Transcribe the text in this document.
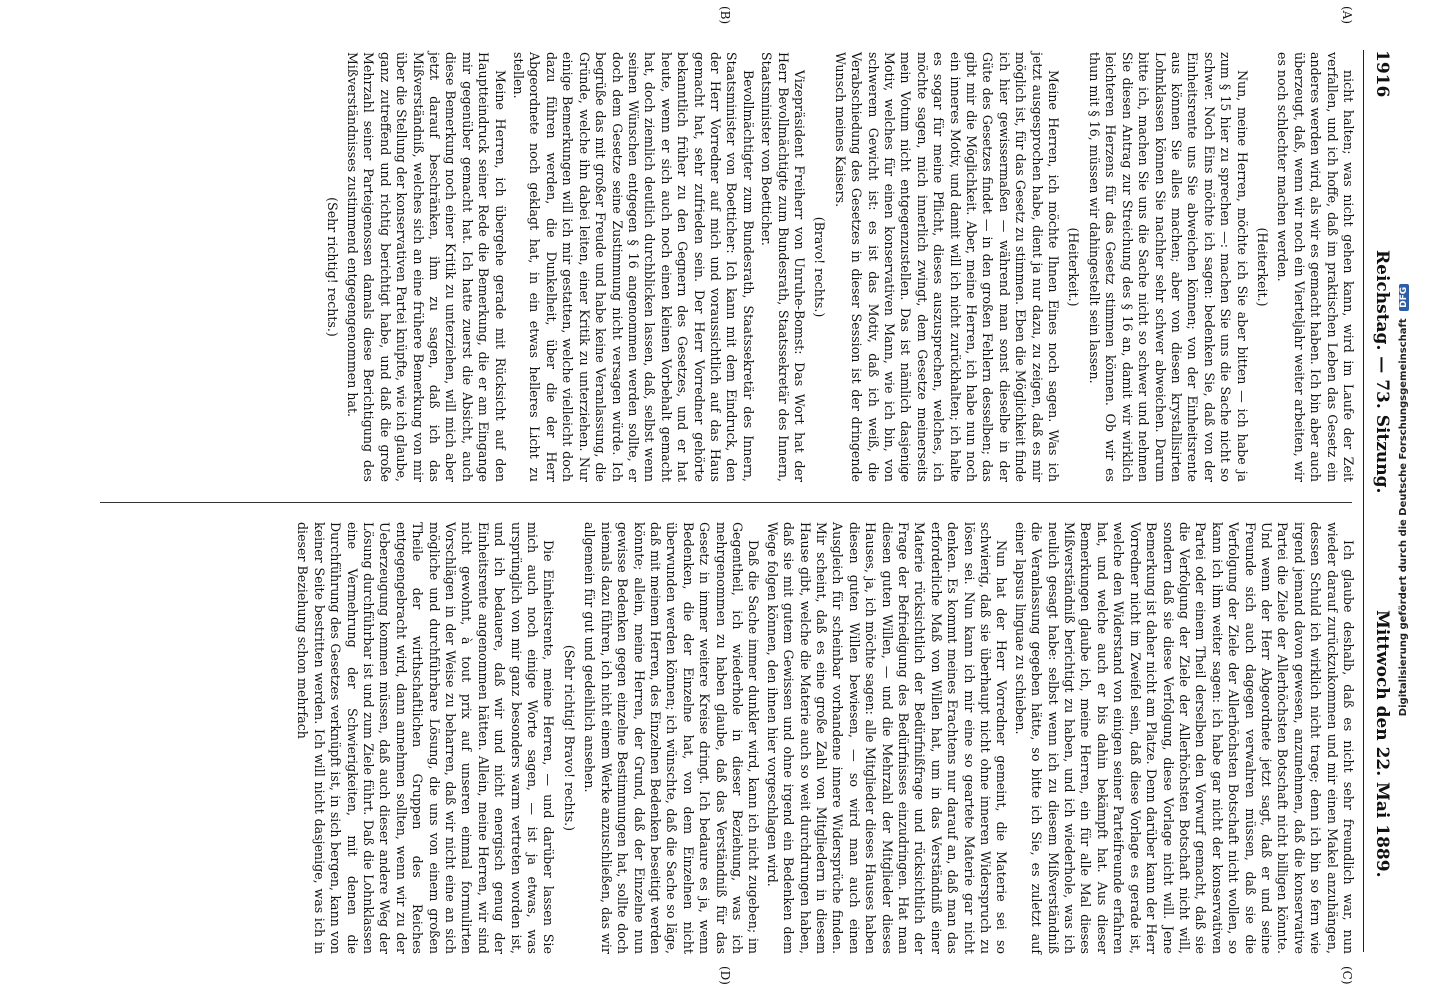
1916
Reichstag. — 73. Sitzung.
Mittwoch den 22. Mai 1889.
(A)
(B)
(C)
(D)

nicht halten; was nicht gehen kann, wird im Laufe der Zeit verfallen, und ich hoffe, daß im praktischen Leben das Gesetz ein anderes werden wird, als wir es gemacht haben. Ich bin aber auch überzeugt, daß, wenn wir noch ein Vierteljahr weiter arbeiten, wir es noch schlechter machen werden.

(Heiterkeit.)

Nun, meine Herren, möchte ich Sie aber bitten — ich habe ja zum § 15 hier zu sprechen —: machen Sie uns die Sache nicht so schwer. Noch Eins möchte ich sagen: bedenken Sie, daß von der Einheitsrente uns Sie abweichen können; von der Einheitsrente aus können Sie alles machen; aber von diesen krystallisirten Lohnklassen können Sie nachher sehr schwer abweichen. Darum bitte ich, machen Sie uns die Sache nicht so schwer und nehmen Sie diesen Antrag zur Streichung des § 16 an, damit wir wirklich leichteren Herzens für das Gesetz stimmen können. Ob wir es thun mit § 16, müssen wir dahingestellt sein lassen.

(Heiterkeit.)

Meine Herren, ich möchte Ihnen Eines noch sagen. Was ich jetzt ausgesprochen habe, dient ja nur dazu, zu zeigen, daß es mir möglich ist, für das Gesetz zu stimmen. Eben die Möglichkeit finde ich hier gewissermaßen — während man sonst dieselbe in der Güte des Gesetzes findet — in den großen Fehlern desselben; das gibt mir die Möglichkeit. Aber, meine Herren, ich habe nun noch ein inneres Motiv, und damit will ich nicht zurückhalten; ich halte es sogar für meine Pflicht, dieses auszusprechen, welches, ich möchte sagen, mich innerlich zwingt, dem Gesetze meinerseits mein Votum nicht entgegenzustellen. Das ist nämlich dasjenige Motiv, welches für einen konservativen Mann, wie ich bin, von schwerem Gewicht ist: es ist das Motiv, daß ich weiß, die Verabschiedung des Gesetzes in dieser Session ist der dringende Wunsch meines Kaisers.

(Bravo! rechts.)

Vizepräsident Freiherr von Unruhe-Bomst: Das Wort hat der Herr Bevollmächtigte zum Bundesrath, Staatssekretär des Innern, Staatsminister von Boetticher.

Bevollmächtigter zum Bundesrath, Staatssekretär des Innern, Staatsminister von Boetticher: Ich kann mit dem Eindruck, den der Herr Vorredner auf mich und voraussichtlich auf das Haus gemacht hat, sehr zufrieden sein. Der Herr Vorredner gehörte bekanntlich früher zu den Gegnern des Gesetzes, und er hat heute, wenn er sich auch noch einen kleinen Vorbehalt gemacht hat, doch ziemlich deutlich durchblicken lassen, daß, selbst wenn seinen Wünschen entgegen § 16 angenommen werden sollte, er doch dem Gesetze seine Zustimmung nicht versagen würde. Ich begrüße das mit großer Freude und habe keine Veranlassung, die Gründe, welche ihn dabei leiten, einer Kritik zu unterziehen. Nur einige Bemerkungen will ich mir gestatten, welche vielleicht doch dazu führen werden, die Dunkelheit, über die der Herr Abgeordnete noch geklagt hat, in ein etwas helleres Licht zu stellen.

Meine Herren, ich übergehe gerade mit Rücksicht auf den Hauptteindruck seiner Rede die Bemerkung, die er am Eingange mir gegenüber gemacht hat. Ich hatte zuerst die Absicht, auch diese Bemerkung noch einer Kritik zu unterziehen, will mich aber jetzt darauf beschränken, ihm zu sagen, daß ich das Mißverständniß, welches sich an eine frühere Bemerkung von mir über die Stellung der konservativen Partei knüpfte, wie ich glaube, ganz zutreffend und richtig berichtigt habe, und daß die große Mehrzahl seiner Parteigenossen damals diese Berichtigung des Mißverständnisses zustimmend entgegengenommen hat.

(Sehr richtig! rechts.)

Ich glaube deshalb, daß es nicht sehr freundlich war, nun wieder darauf zurückzukommen und mir einen Makel anzuhängen, dessen Schuld ich wirklich nicht trage; denn ich bin so fern wie irgend jemand davon gewesen, anzunehmen, daß die konservative Partei die Ziele der Allerhöchsten Botschaft nicht billigen könnte. Und wenn der Herr Abgeordnete jetzt sagt, daß er und seine Freunde sich auch dagegen verwahren müssen, daß sie die Verfolgung der Ziele der Allerhöchsten Botschaft nicht wollen, so kann ich ihm weiter sagen: ich habe gar nicht der konservativen Partei oder einem Theil derselben den Vorwurf gemacht, daß sie die Verfolgung der Ziele der Allerhöchsten Botschaft nicht will, sondern daß sie diese Verfolgung, diese Vorlage nicht will. Jene Bemerkung ist daher nicht am Platze. Denn darüber kann der Herr Vorredner nicht im Zweifel sein, daß diese Vorlage es gerade ist, welche den Widerstand von einigen seiner Parteifreunde erfahren hat, und welche auch er bis dahin bekämpft hat. Aus dieser Bemerkungen glaube ich, meine Herren, ein für alle Mal dieses Mißverständniß berichtigt zu haben, und ich wiederhole, was ich neulich gesagt habe: selbst wenn ich zu diesem Mißverständniß die Veranlassung gegeben hätte, so bitte ich Sie, es zuletzt auf einer lapsus linguae zu schieben.

Nun hat der Herr Vorredner gemeint, die Materie sei so schwierig, daß sie überhaupt nicht ohne inneren Widerspruch zu lösen sei. Nun kann ich mir eine so geartete Materie gar nicht denken. Es kommt meines Erachtens nur darauf an, daß man das erforderliche Maß von Willen hat, um in das Verständniß einer Materie rücksichtlich der Bedürfnißfrage und rücksichtlich der Frage der Befriedigung des Bedürfnisses einzudringen. Hat man diesen guten Willen, — und die Mehrzahl der Mitglieder dieses Hauses, ja, ich möchte sagen: alle Mitglieder dieses Hauses haben diesen guten Willen bewiesen, — so wird man auch einen Ausgleich für scheinbar vorhandene innere Widersprüche finden. Mir scheint, daß es eine große Zahl von Mitgliedern in diesem Hause gibt, welche die Materie auch so weit durchdrungen haben, daß sie mit gutem Gewissen und ohne irgend ein Bedenken dem Wege folgen können, den ihnen hier vorgeschlagen wird.

Daß die Sache immer dunkler wird, kann ich nicht zugeben; im Gegentheil, ich wiederhole in dieser Beziehung, was ich mehrgenommen zu haben glaube, daß das Verständniß für das Gesetz in immer weitere Kreise dringt. Ich bedaure es ja, wenn Bedenken, die der Einzelne hat, von dem Einzelnen nicht überwunden werden können; ich wünschte, daß die Sache so läge, daß mit meinem Herren, des Einzelnen Bedenken beseitigt werden könnte; allein, meine Herren, der Grund, daß der Einzelne nun gewisse Bedenken gegen einzelne Bestimmungen hat, sollte doch niemals dazu führen, ich nicht einem Werke anzuschließen, das wir allgemein für gut und gedeihlich ansehen.

(Sehr richtig! Bravo! rechts.)

Die Einheitsrente, meine Herren, — und darüber lassen Sie mich auch noch einige Worte sagen, — ist ja etwas, was ursprünglich von mir ganz besonders warm vertreten worden ist, und ich bedauere, daß wir und nicht energisch genug der Einheitsrente angenommen hätten. Allein, meine Herren, wir sind nicht gewohnt, à tout prix auf unseren einmal formulirten Vorschlägen in der Weise zu beharren, daß wir nicht eine an sich mögliche und durchführbare Lösung, die uns von einem großen Theile der wirthschaftlichen Gruppen des Reiches entgegengebracht wird, dann annehmen sollten, wenn wir zu der Ueberzeugung kommen müssen, daß auch dieser andere Weg der Lösung durchführbar ist und zum Ziele führt. Daß die Lohnklassen eine Vermehrung der Schwierigkeiten, mit denen die Durchführung des Gesetzes verknüpft ist, in sich bergen, kann von keiner Seite bestritten werden. Ich will nicht dasjenige, was ich in dieser Beziehung schon mehrfach	Digitalisierung gefördert durch die Deutsche Forschungsgemeinschaft DFG
